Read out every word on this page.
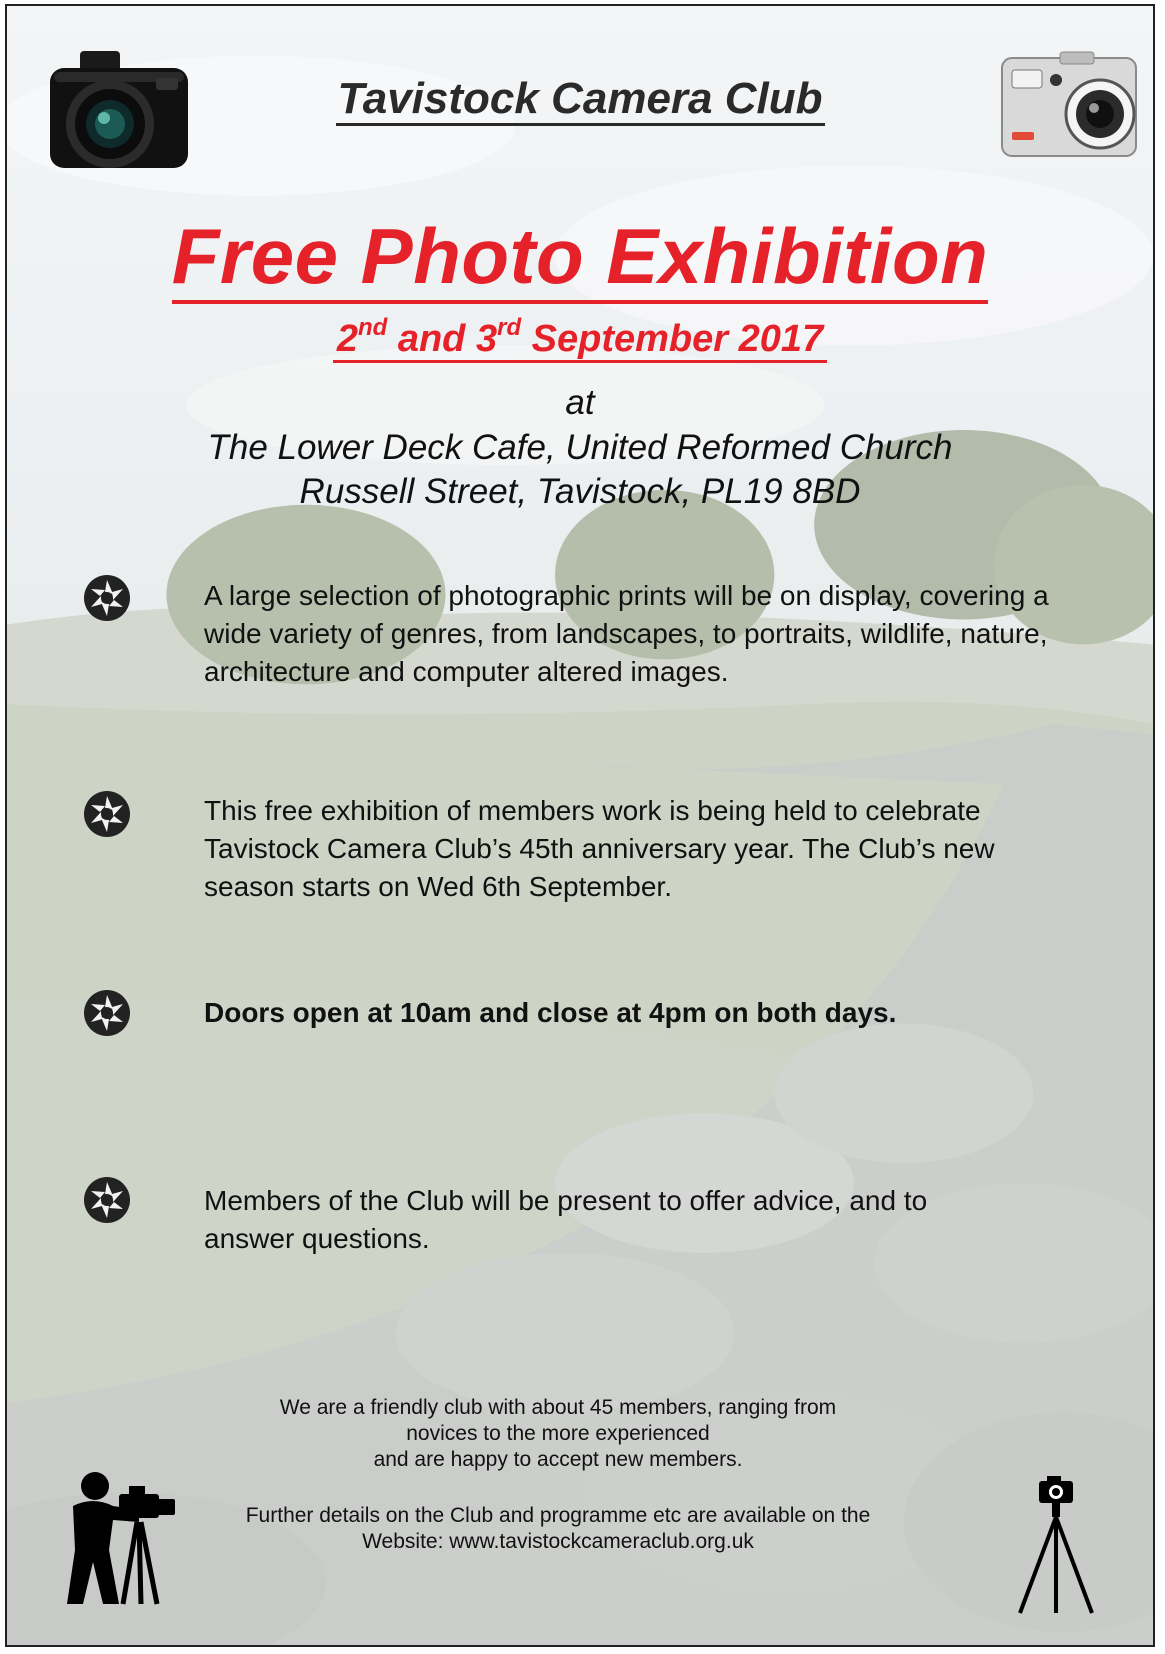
Tavistock Camera Club
Free Photo Exhibition
2nd and 3rd September 2017
at
The Lower Deck Cafe, United Reformed Church
Russell Street, Tavistock, PL19 8BD
A large selection of photographic prints will be on display, covering a wide variety of genres, from landscapes, to portraits, wildlife, nature, architecture and computer altered images.
This free exhibition of members work is being held to celebrate Tavistock Camera Club’s 45th anniversary year. The Club’s new season starts on Wed 6th September.
Doors open at 10am and close at 4pm on both days.
Members of the Club will be present to offer advice, and to answer questions.
We are a friendly club with about 45 members, ranging from
novices to the more experienced
and are happy to accept new members.
Further details on the Club and programme etc are available on the
Website: www.tavistockcameraclub.org.uk
